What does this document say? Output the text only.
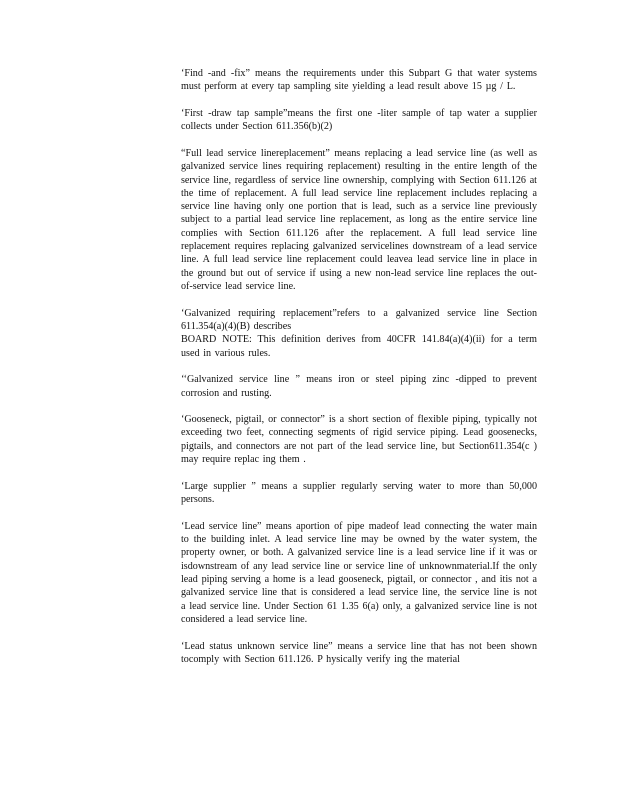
‘Find -and -fix” means the requirements under this Subpart G that water systems must perform at every tap sampling site yielding a lead result above 15 µg / L.

‘First -draw tap sample”means the first one -liter sample of tap water a supplier collects under Section 611.356(b)(2)

“Full lead service linereplacement” means replacing a lead service line (as well as galvanized service lines requiring replacement) resulting in the entire length of the service line, regardless of service line ownership, complying with Section 611.126 at the time of replacement. A full lead service line replacement includes replacing a service line having only one portion that is lead, such as a service line previously subject to a partial lead service line replacement, as long as the entire service line complies with Section 611.126 after the replacement. A full lead service line replacement requires replacing galvanized servicelines downstream of a lead service line. A full lead service line replacement could leavea lead service line in place in the ground but out of service if using a new non-lead service line replaces the out-of-service lead service line.

‘Galvanized requiring replacement”refers to a galvanized service line Section 611.354(a)(4)(B) describes
BOARD NOTE: This definition derives from 40CFR 141.84(a)(4)(ii) for a term used in various rules.

‘‘Galvanized service line ” means iron or steel piping zinc -dipped to prevent corrosion and rusting.

‘Gooseneck, pigtail, or connector” is a short section of flexible piping, typically not exceeding two feet, connecting segments of rigid service piping. Lead goosenecks, pigtails, and connectors are not part of the lead service line, but Section611.354(c ) may require replac ing them .

‘Large supplier ” means a supplier regularly serving water to more than 50,000 persons.

‘Lead service line” means aportion of pipe madeof lead connecting the water main to the building inlet. A lead service line may be owned by the water system, the property owner, or both. A galvanized service line is a lead service line if it was or isdownstream of any lead service line or service line of unknownmaterial.If the only lead piping serving a home is a lead gooseneck, pigtail, or connector , and itis not a galvanized service line that is considered a lead service line, the service line is not a lead service line. Under Section 61 1.35 6(a) only, a galvanized service line is not considered a lead service line.

‘Lead status unknown service line” means a service line that has not been shown tocomply with Section 611.126. P hysically verify ing the material
